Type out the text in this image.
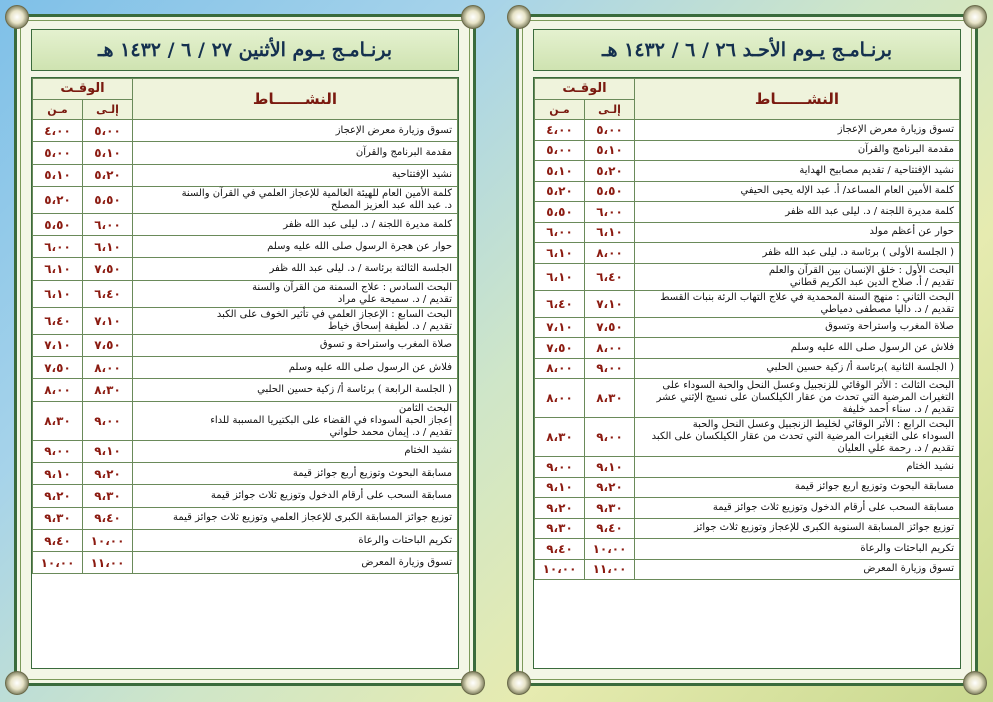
برنـامـج يـوم الأحـد ٢٦ / ٦ / ١٤٣٢ هـ
النشــــــاط	الوقـت	
	إلـى	مـن

تسوق وزيارة معرض الإعجاز	٥،٠٠	٤،٠٠

مقدمة البرنامج والقرآن	٥،١٠	٥،٠٠

نشيد الإفتتاحية / تقديم مصابيح الهداية	٥،٢٠	٥،١٠

كلمة الأمين العام المساعد/ أ. عبد الإله يحيى الحيفي	٥،٥٠	٥،٢٠

كلمة مديرة اللجنة / د. ليلى عبد الله ظفر	٦،٠٠	٥،٥٠

حوار عن أعظم مولد	٦،١٠	٦،٠٠

( الجلسة الأولى ) برئاسة د. ليلى عبد الله ظفر	٨،٠٠	٦،١٠

البحث الأول : خلق الإنسان بين القرآن والعلم
تقديم / أ. صلاح الدين عبد الكريم قطاني	٦،٤٠	٦،١٠

البحث الثاني : منهج السنة المحمدية في علاج التهاب الرئة بنبات القسط
تقديم / د. داليا مصطفى دمياطي	٧،١٠	٦،٤٠

صلاة المغرب واستراحة وتسوق	٧،٥٠	٧،١٠

فلاش عن الرسول صلى الله عليه وسلم	٨،٠٠	٧،٥٠

( الجلسة الثانية )برئاسة أ/ زكية حسين الحلبي	٩،٠٠	٨،٠٠

البحث الثالث : الأثر الوقائي للزنجبيل وعسل النحل والحبة السوداء على
التغيرات المرضية التي تحدث من عقار الكيلكسان على نسيج الإثني عشر
تقديم / د. سناء أحمد خليفة	٨،٣٠	٨،٠٠

البحث الرابع : الأثر الوقائي لخليط الزنجبيل وعسل النحل والحبة
السوداء على التغيرات المرضية التي تحدث من عقار الكيلكسان على الكبد
تقديم / د. رحمة علي العليان	٩،٠٠	٨،٣٠

نشيد الختام	٩،١٠	٩،٠٠

مسابقة البحوث وتوزيع اربع جوائز قيمة	٩،٢٠	٩،١٠

مسابقة السحب على أرقام الدخول وتوزيع ثلاث جوائز قيمة	٩،٣٠	٩،٢٠

توزيع جوائز المسابقة السنوية الكبرى للإعجاز وتوزيع ثلاث جوائز	٩،٤٠	٩،٣٠

تكريم الباحثات والرعاة	١٠،٠٠	٩،٤٠

تسوق وزيارة المعرض	١١،٠٠	١٠،٠٠
برنـامـج يـوم الأثنين ٢٧ / ٦ / ١٤٣٢ هـ
النشــــــاط	الوقـت	
	إلـى	مـن

تسوق وزيارة معرض الإعجاز	٥،٠٠	٤،٠٠

مقدمة البرنامج والقرآن	٥،١٠	٥،٠٠

نشيد الإفتتاحية	٥،٢٠	٥،١٠

كلمة الأمين العام للهيئة العالمية للإعجاز العلمي في القرآن والسنة
د. عبد الله عبد العزيز المصلح	٥،٥٠	٥،٢٠

كلمة مديرة اللجنة / د. ليلى عبد الله ظفر	٦،٠٠	٥،٥٠

حوار عن هجرة الرسول صلى الله عليه وسلم	٦،١٠	٦،٠٠

الجلسة الثالثة برئاسة / د. ليلى عبد الله ظفر	٧،٥٠	٦،١٠

البحث السادس : علاج السمنة من القرآن والسنة
تقديم / د. سميحة علي مراد	٦،٤٠	٦،١٠

البحث السابع : الإعجاز العلمي في تأثير الخوف على الكبد
تقديم / د. لطيفة إسحاق خياط	٧،١٠	٦،٤٠

صلاة المغرب واستراحة و تسوق	٧،٥٠	٧،١٠

فلاش عن الرسول صلى الله عليه وسلم	٨،٠٠	٧،٥٠

( الجلسة الرابعة ) برئاسة أ/ زكية حسين الحلبي	٨،٣٠	٨،٠٠

البحث الثامن
إعجاز الحبة السوداء في القضاء على البكتيريا المسببة للداء
تقديم / د. إيمان محمد حلواني	٩،٠٠	٨،٣٠

نشيد الختام	٩،١٠	٩،٠٠

مسابقة البحوث وتوزيع أربع جوائز قيمة	٩،٢٠	٩،١٠

مسابقة السحب على أرقام الدخول وتوزيع ثلاث جوائز قيمة	٩،٣٠	٩،٢٠

توزيع جوائز المسابقة الكبرى للإعجاز العلمي وتوزيع ثلاث جوائز قيمة	٩،٤٠	٩،٣٠

تكريم الباحثات والرعاة	١٠،٠٠	٩،٤٠

تسوق وزيارة المعرض	١١،٠٠	١٠،٠٠
